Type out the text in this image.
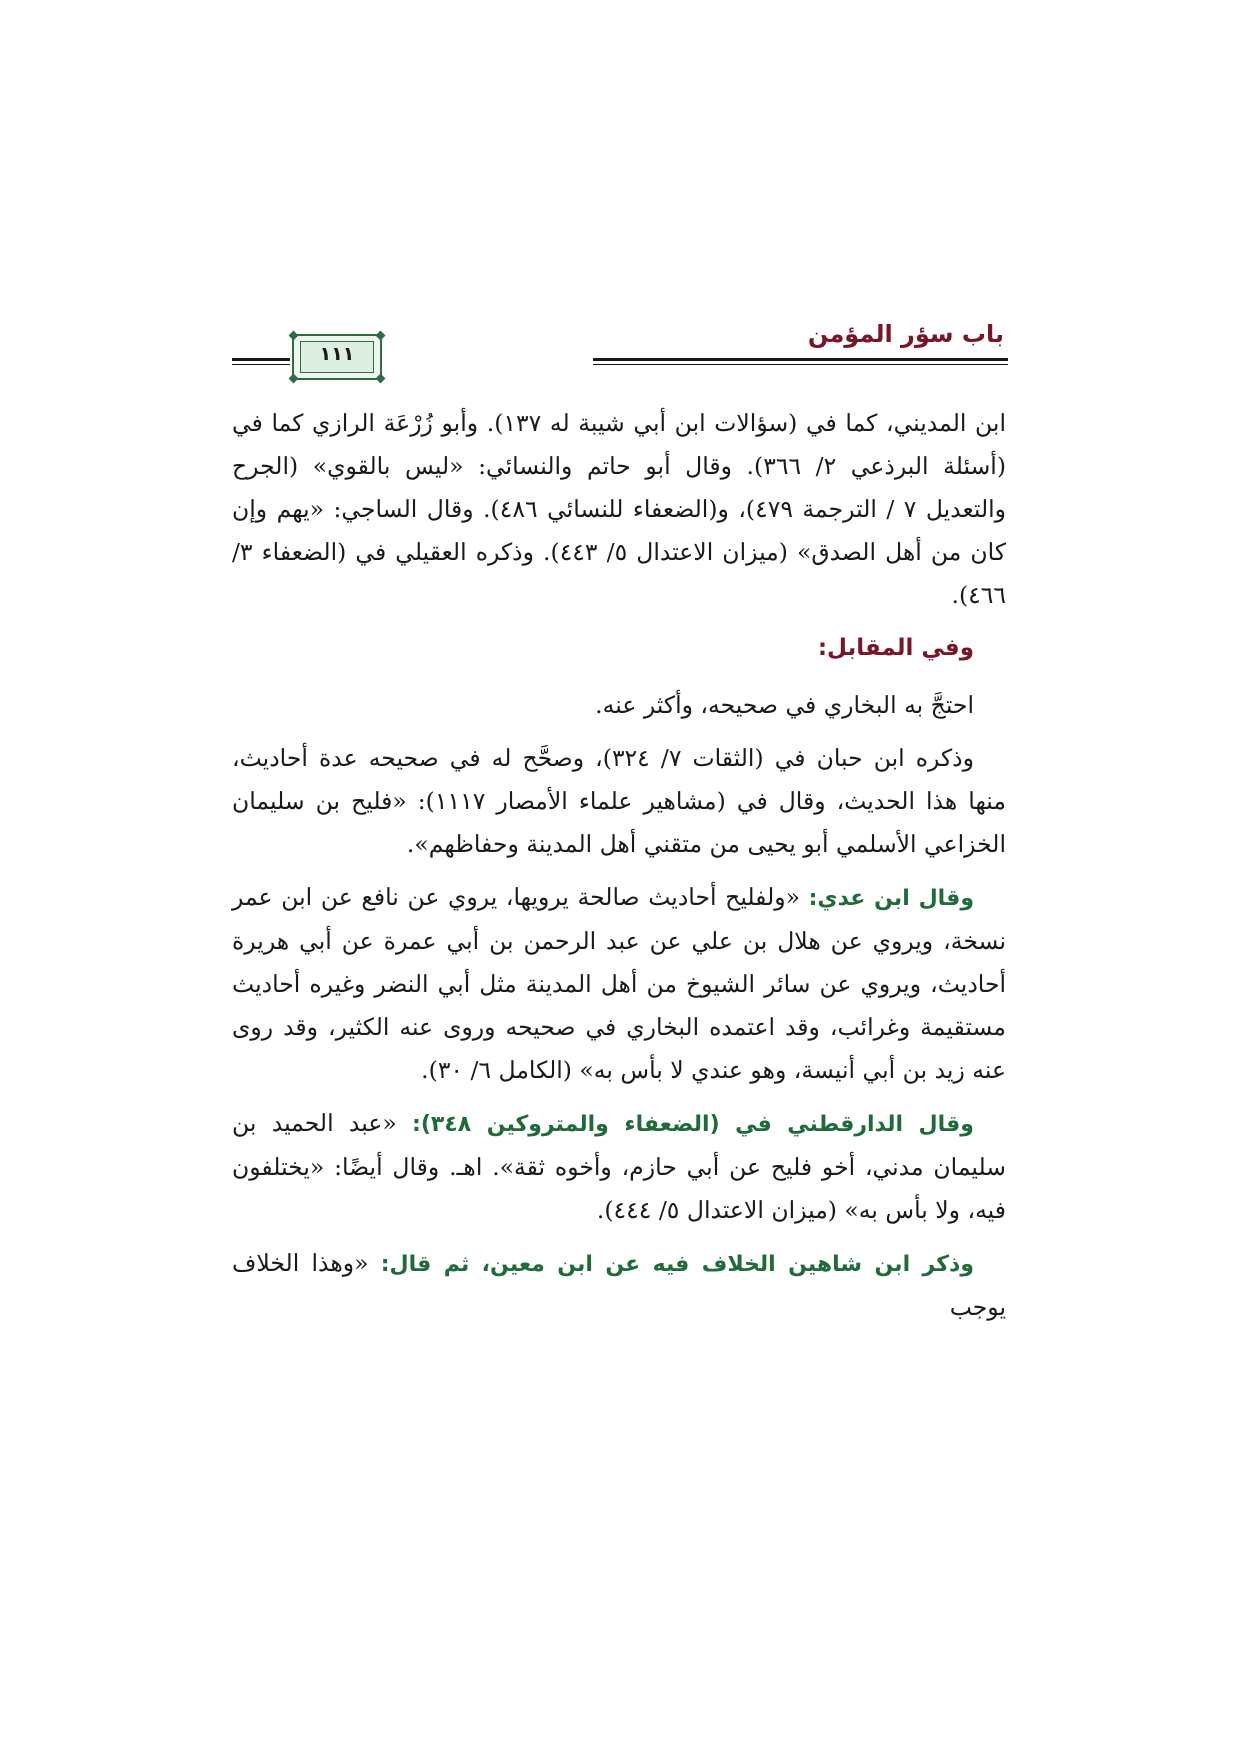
باب سؤر المؤمن
١١١

ابن المديني، كما في (سؤالات ابن أبي شيبة له ١٣٧). وأبو زُرْعَة الرازي كما في (أسئلة البرذعي ٢/ ٣٦٦). وقال أبو حاتم والنسائي: «ليس بالقوي» (الجرح والتعديل ٧ / الترجمة ٤٧٩)، و(الضعفاء للنسائي ٤٨٦). وقال الساجي: «يهم وإن كان من أهل الصدق» (ميزان الاعتدال ٥/ ٤٤٣). وذكره العقيلي في (الضعفاء ٣/ ٤٦٦).

وفي المقابل:

احتجَّ به البخاري في صحيحه، وأكثر عنه.

وذكره ابن حبان في (الثقات ٧/ ٣٢٤)، وصحَّح له في صحيحه عدة أحاديث، منها هذا الحديث، وقال في (مشاهير علماء الأمصار ١١١٧): «فليح بن سليمان الخزاعي الأسلمي أبو يحيى من متقني أهل المدينة وحفاظهم».

وقال ابن عدي: «ولفليح أحاديث صالحة يرويها، يروي عن نافع عن ابن عمر نسخة، ويروي عن هلال بن علي عن عبد الرحمن بن أبي عمرة عن أبي هريرة أحاديث، ويروي عن سائر الشيوخ من أهل المدينة مثل أبي النضر وغيره أحاديث مستقيمة وغرائب، وقد اعتمده البخاري في صحيحه وروى عنه الكثير، وقد روى عنه زيد بن أبي أنيسة، وهو عندي لا بأس به» (الكامل ٦/ ٣٠).

وقال الدارقطني في (الضعفاء والمتروكين ٣٤٨): «عبد الحميد بن سليمان مدني، أخو فليح عن أبي حازم، وأخوه ثقة». اهـ. وقال أيضًا: «يختلفون فيه، ولا بأس به» (ميزان الاعتدال ٥/ ٤٤٤).

وذكر ابن شاهين الخلاف فيه عن ابن معين، ثم قال: «وهذا الخلاف يوجب
